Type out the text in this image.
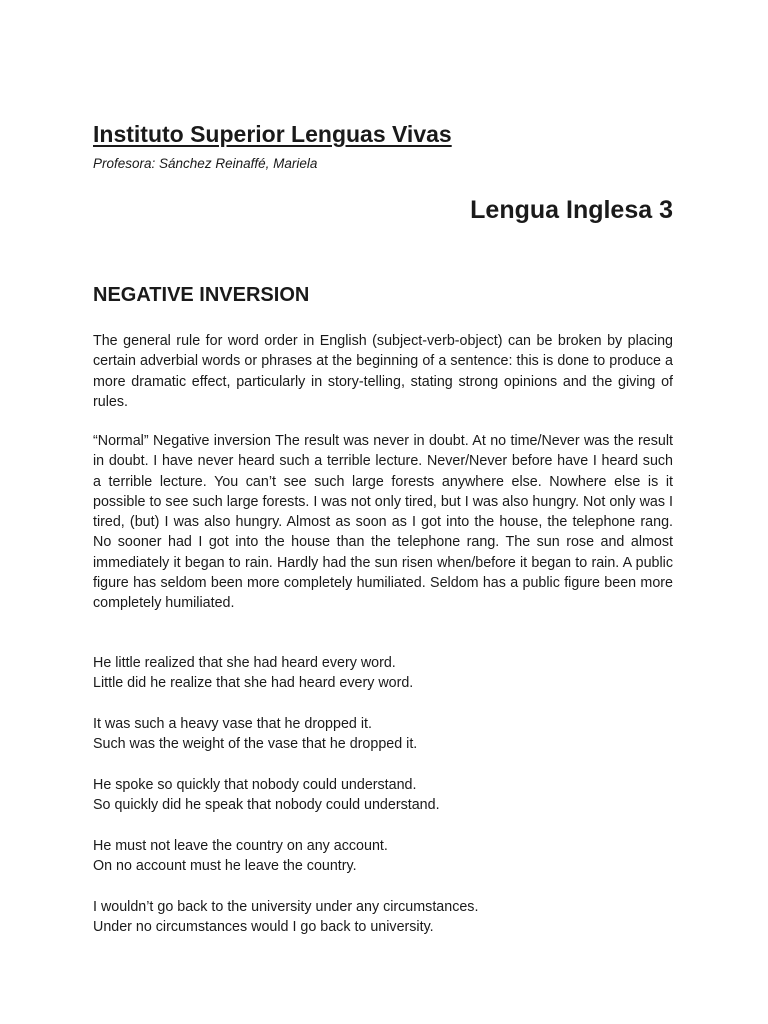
Instituto Superior Lenguas Vivas
Profesora: Sánchez Reinaffé, Mariela
Lengua Inglesa 3
NEGATIVE INVERSION

The general rule for word order in English (subject-verb-object) can be broken by placing certain adverbial words or phrases at the beginning of a sentence: this is done to produce a more dramatic effect, particularly in story-telling, stating strong opinions and the giving of rules.

“Normal” Negative inversion The result was never in doubt. At no time/Never was the result in doubt. I have never heard such a terrible lecture. Never/Never before have I heard such a terrible lecture. You can’t see such large forests anywhere else. Nowhere else is it possible to see such large forests. I was not only tired, but I was also hungry. Not only was I tired, (but) I was also hungry. Almost as soon as I got into the house, the telephone rang. No sooner had I got into the house than the telephone rang. The sun rose and almost immediately it began to rain. Hardly had the sun risen when/before it began to rain. A public figure has seldom been more completely humiliated. Seldom has a public figure been more completely humiliated.

He little realized that she had heard every word.
Little did he realize that she had heard every word.
It was such a heavy vase that he dropped it.
Such was the weight of the vase that he dropped it.
He spoke so quickly that nobody could understand.
So quickly did he speak that nobody could understand.
He must not leave the country on any account.
On no account must he leave the country.
I wouldn’t go back to the university under any circumstances.
Under no circumstances would I go back to university.
